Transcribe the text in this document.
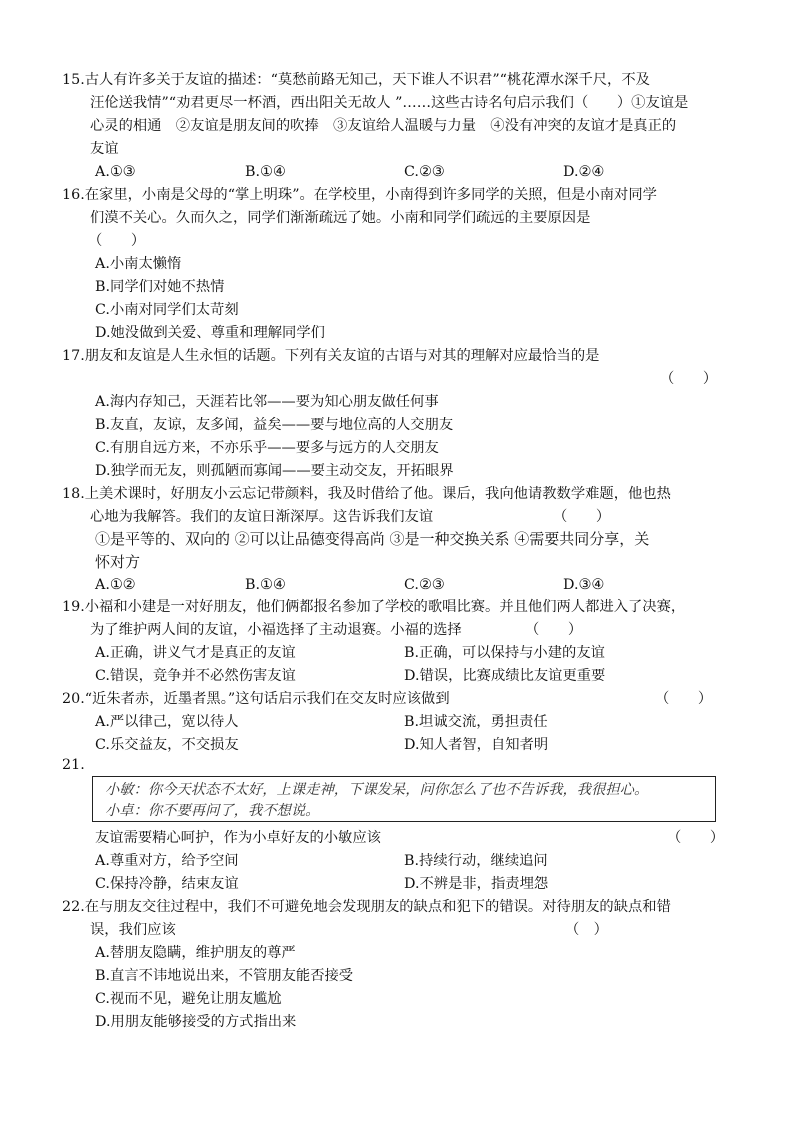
15.古人有许多关于友谊的描述：“莫愁前路无知己，天下谁人不识君”“桃花潭水深千尺，不及
汪伦送我情”“劝君更尽一杯酒，西出阳关无故人 ”……这些古诗名句启示我们（　　）①友谊是
心灵的相通　②友谊是朋友间的吹捧　③友谊给人温暖与力量　④没有冲突的友谊才是真正的
友谊
A.①③	B.①④	C.②③	D.②④
16.在家里，小南是父母的“掌上明珠”。在学校里，小南得到许多同学的关照，但是小南对同学
们漠不关心。久而久之，同学们渐渐疏远了她。小南和同学们疏远的主要原因是
（　　）
A.小南太懒惰
B.同学们对她不热情
C.小南对同学们太苛刻
D.她没做到关爱、尊重和理解同学们
17.朋友和友谊是人生永恒的话题。下列有关友谊的古语与对其的理解对应最恰当的是
（　　）
A.海内存知己，天涯若比邻——要为知心朋友做任何事
B.友直，友谅，友多闻，益矣——要与地位高的人交朋友
C.有朋自远方来，不亦乐乎——要多与远方的人交朋友
D.独学而无友，则孤陋而寡闻——要主动交友，开拓眼界
18.上美术课时，好朋友小云忘记带颜料，我及时借给了他。课后，我向他请教数学难题，他也热
心地为我解答。我们的友谊日渐深厚。这告诉我们友谊	（　　）
①是平等的、双向的 ②可以让品德变得高尚 ③是一种交换关系 ④需要共同分享，关
怀对方
A.①②	B.①④	C.②③	D.③④
19.小福和小建是一对好朋友，他们俩都报名参加了学校的歌唱比赛。并且他们两人都进入了决赛，
为了维护两人间的友谊，小福选择了主动退赛。小福的选择	（　　）
A.正确，讲义气才是真正的友谊	B.正确，可以保持与小建的友谊
C.错误，竞争并不必然伤害友谊	D.错误，比赛成绩比友谊更重要
20.“近朱者赤，近墨者黑。”这句话启示我们在交友时应该做到	（　　）
A.严以律己，宽以待人	B.坦诚交流，勇担责任
C.乐交益友，不交损友	D.知人者智，自知者明
21.
小敏：你今天状态不太好，上课走神，下课发呆，问你怎么了也不告诉我，我很担心。
小卓：你不要再问了，我不想说。
友谊需要精心呵护，作为小卓好友的小敏应该	（　　）
A.尊重对方，给予空间	B.持续行动，继续追问
C.保持冷静，结束友谊	D.不辨是非，指责埋怨
22.在与朋友交往过程中，我们不可避免地会发现朋友的缺点和犯下的错误。对待朋友的缺点和错
误，我们应该	（　）
A.替朋友隐瞒，维护朋友的尊严
B.直言不讳地说出来，不管朋友能否接受
C.视而不见，避免让朋友尴尬
D.用朋友能够接受的方式指出来
